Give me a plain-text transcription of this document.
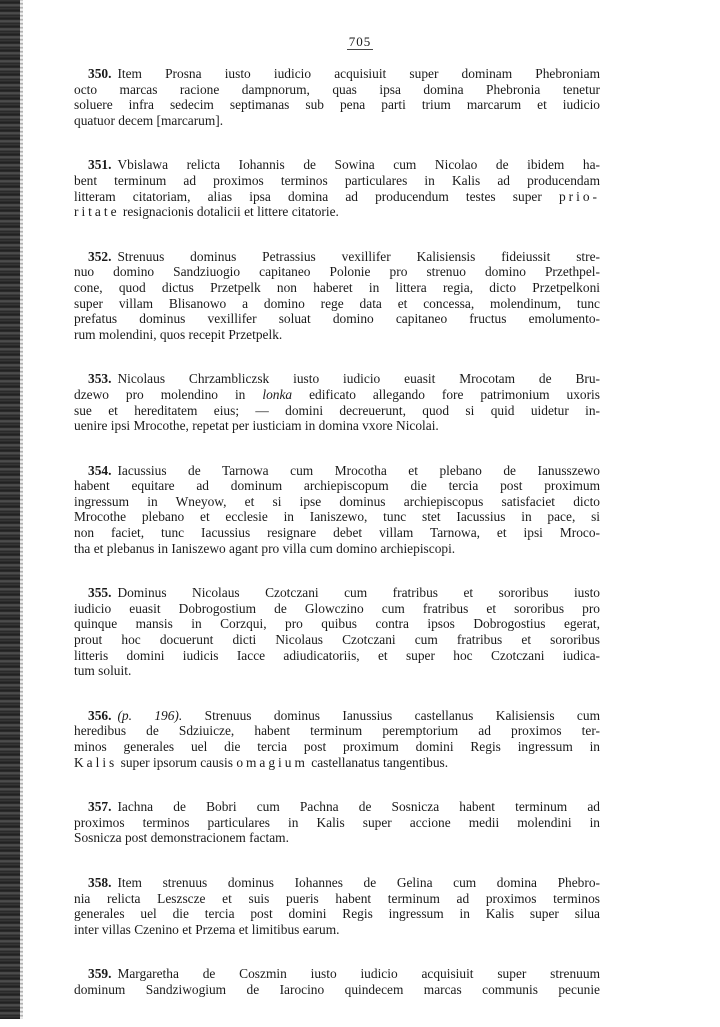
705
350. Item Prosna iusto iudicio acquisiuit super dominam Phebroniam
octo marcas racione dampnorum, quas ipsa domina Phebronia tenetur
soluere infra sedecim septimanas sub pena parti trium marcarum et iudicio
quatuor decem [marcarum].
351. Vbislawa relicta Iohannis de Sowina cum Nicolao de ibidem ha-
bent terminum ad proximos terminos particulares in Kalis ad producendam
litteram citatoriam, alias ipsa domina ad producendum testes super prio-
ritate resignacionis dotalicii et littere citatorie.
352. Strenuus dominus Petrassius vexillifer Kalisiensis fideiussit stre-
nuo domino Sandziuogio capitaneo Polonie pro strenuo domino Przethpel-
cone, quod dictus Przetpelk non haberet in littera regia, dicto Przetpelkoni
super villam Blisanowo a domino rege data et concessa, molendinum, tunc
prefatus dominus vexillifer soluat domino capitaneo fructus emolumento-
rum molendini, quos recepit Przetpelk.
353. Nicolaus Chrzambliczsk iusto iudicio euasit Mrocotam de Bru-
dzewo pro molendino in lonka edificato allegando fore patrimonium uxoris
sue et hereditatem eius; — domini decreuerunt, quod si quid uidetur in-
uenire ipsi Mrocothe, repetat per iusticiam in domina vxore Nicolai.
354. Iacussius de Tarnowa cum Mrocotha et plebano de Ianusszewo
habent equitare ad dominum archiepiscopum die tercia post proximum
ingressum in Wneyow, et si ipse dominus archiepiscopus satisfaciet dicto
Mrocothe plebano et ecclesie in Ianiszewo, tunc stet Iacussius in pace, si
non faciet, tunc Iacussius resignare debet villam Tarnowa, et ipsi Mroco-
tha et plebanus in Ianiszewo agant pro villa cum domino archiepiscopi.
355. Dominus Nicolaus Czotczani cum fratribus et sororibus iusto
iudicio euasit Dobrogostium de Glowczino cum fratribus et sororibus pro
quinque mansis in Corzqui, pro quibus contra ipsos Dobrogostius egerat,
prout hoc docuerunt dicti Nicolaus Czotczani cum fratribus et sororibus
litteris domini iudicis Iacce adiudicatoriis, et super hoc Czotczani iudica-
tum soluit.
356. (p. 196). Strenuus dominus Ianussius castellanus Kalisiensis cum
heredibus de Sdziuicze, habent terminum peremptorium ad proximos ter-
minos generales uel die tercia post proximum domini Regis ingressum in
Kalis super ipsorum causis omagium castellanatus tangentibus.
357. Iachna de Bobri cum Pachna de Sosnicza habent terminum ad
proximos terminos particulares in Kalis super accione medii molendini in
Sosnicza post demonstracionem factam.
358. Item strenuus dominus Iohannes de Gelina cum domina Phebro-
nia relicta Leszscze et suis pueris habent terminum ad proximos terminos
generales uel die tercia post domini Regis ingressum in Kalis super silua
inter villas Czenino et Przema et limitibus earum.
359. Margaretha de Coszmin iusto iudicio acquisiuit super strenuum
dominum Sandziwogium de Iarocino quindecem marcas communis pecunie
